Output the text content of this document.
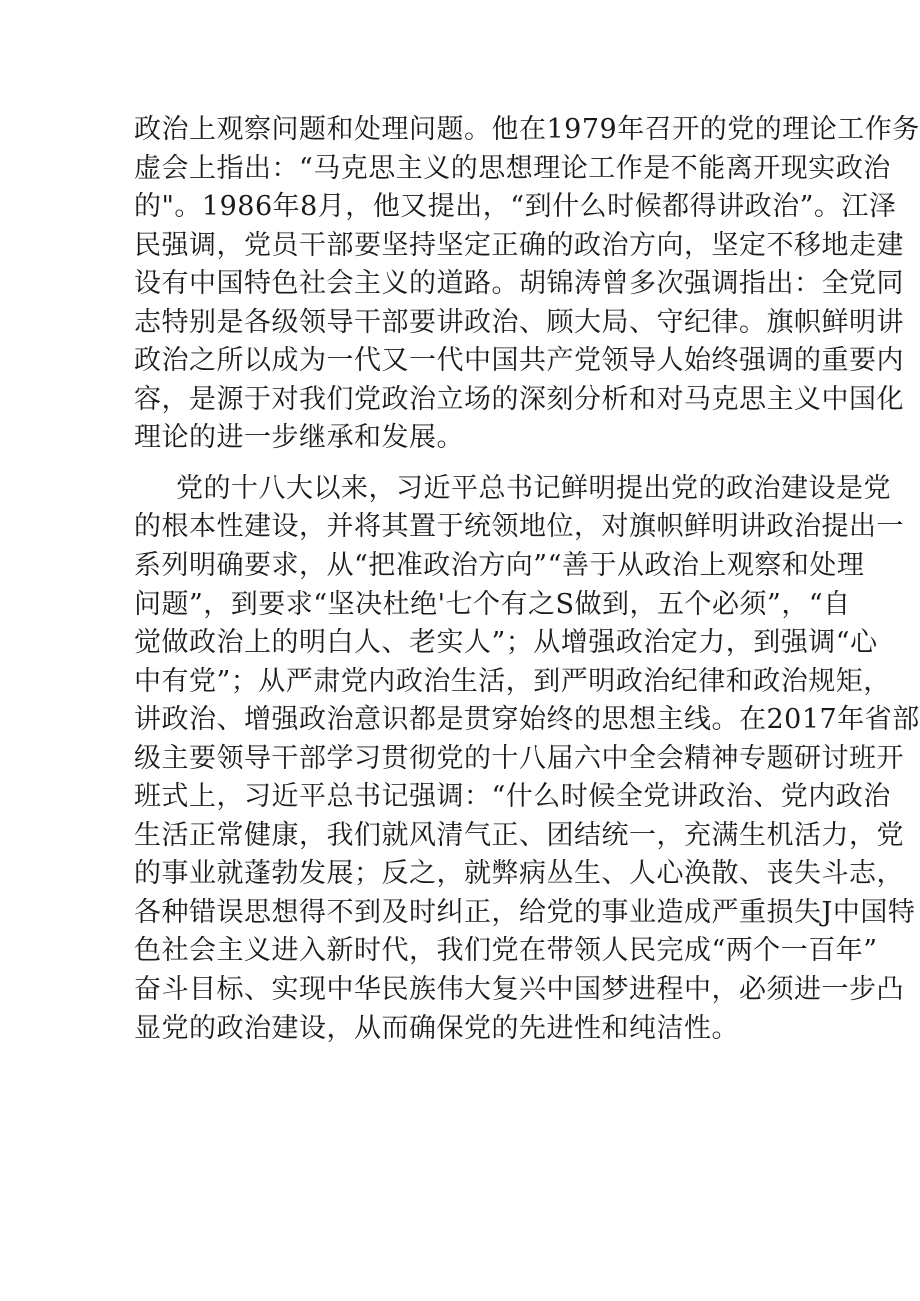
政治上观察问题和处理问题。他在1979年召开的党的理论工作务
虚会上指出：“马克思主义的思想理论工作是不能离开现实政治
的"。1986年8月，他又提出，“到什么时候都得讲政治”。江泽
民强调，党员干部要坚持坚定正确的政治方向，坚定不移地走建
设有中国特色社会主义的道路。胡锦涛曾多次强调指出：全党同
志特别是各级领导干部要讲政治、顾大局、守纪律。旗帜鲜明讲
政治之所以成为一代又一代中国共产党领导人始终强调的重要内
容，是源于对我们党政治立场的深刻分析和对马克思主义中国化
理论的进一步继承和发展。
党的十八大以来，习近平总书记鲜明提出党的政治建设是党
的根本性建设，并将其置于统领地位，对旗帜鲜明讲政治提出一
系列明确要求，从“把准政治方向”“善于从政治上观察和处理
问题”，到要求“坚决杜绝'七个有之S做到，五个必须”，“自
觉做政治上的明白人、老实人”；从增强政治定力，到强调“心
中有党”；从严肃党内政治生活，到严明政治纪律和政治规矩，
讲政治、增强政治意识都是贯穿始终的思想主线。在2017年省部
级主要领导干部学习贯彻党的十八届六中全会精神专题研讨班开
班式上，习近平总书记强调：“什么时候全党讲政治、党内政治
生活正常健康，我们就风清气正、团结统一，充满生机活力，党
的事业就蓬勃发展；反之，就弊病丛生、人心涣散、丧失斗志，
各种错误思想得不到及时纠正，给党的事业造成严重损失J中国特
色社会主义进入新时代，我们党在带领人民完成“两个一百年”
奋斗目标、实现中华民族伟大复兴中国梦进程中，必须进一步凸
显党的政治建设，从而确保党的先进性和纯洁性。
